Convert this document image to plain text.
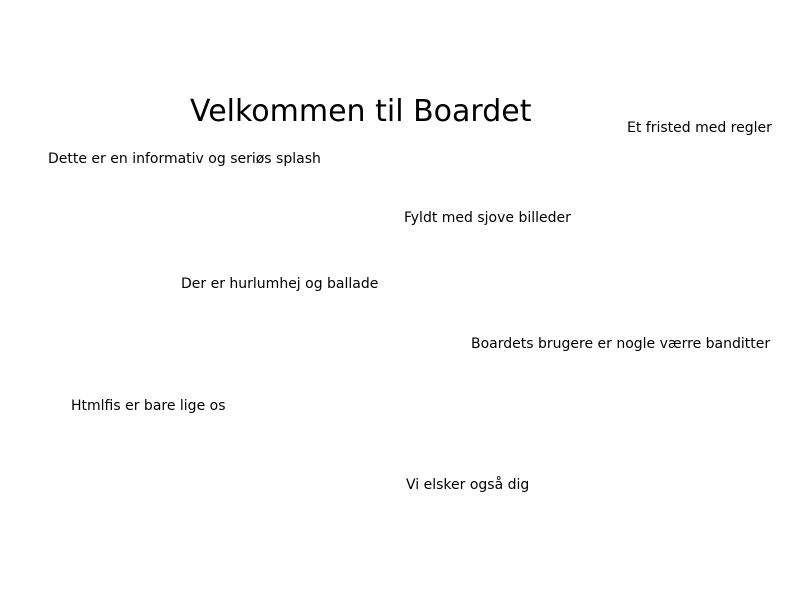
Velkommen til Boardet	Et fristed med regler

Dette er en informativ og seriøs splash

Fyldt med sjove billeder

Der er hurlumhej og ballade

Boardets brugere er nogle værre banditter

Htmlfis er bare lige os

Vi elsker også dig
